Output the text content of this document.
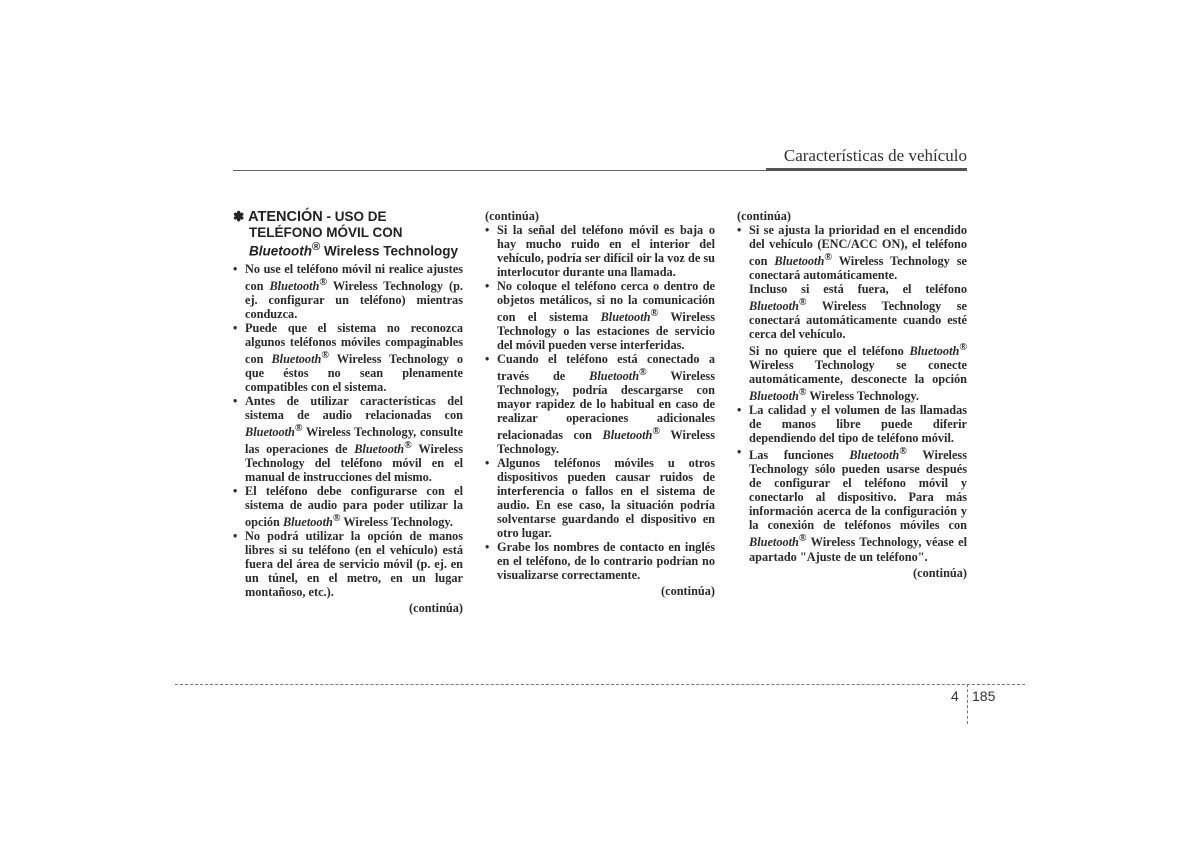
Características de vehículo
✽ ATENCIÓN - USO DE
TELÉFONO MÓVIL CON
Bluetooth® Wireless Technology
• No use el teléfono móvil ni realice ajustes con Bluetooth® Wireless Technology (p. ej. configurar un teléfono) mientras conduzca.
• Puede que el sistema no reconozca algunos teléfonos móviles compaginables con Bluetooth® Wireless Technology o que éstos no sean plenamente compatibles con el sistema.
• Antes de utilizar características del sistema de audio relacionadas con Bluetooth® Wireless Technology, consulte las operaciones de Bluetooth® Wireless Technology del teléfono móvil en el manual de instrucciones del mismo.
• El teléfono debe configurarse con el sistema de audio para poder utilizar la opción Bluetooth® Wireless Technology.
• No podrá utilizar la opción de manos libres si su teléfono (en el vehículo) está fuera del área de servicio móvil (p. ej. en un túnel, en el metro, en un lugar montañoso, etc.).
(continúa)
(continúa)
• Si la señal del teléfono móvil es baja o hay mucho ruido en el interior del vehículo, podría ser difícil oir la voz de su interlocutor durante una llamada.
• No coloque el teléfono cerca o dentro de objetos metálicos, si no la comunicación con el sistema Bluetooth® Wireless Technology o las estaciones de servicio del móvil pueden verse interferidas.
• Cuando el teléfono está conectado a través de Bluetooth® Wireless Technology, podría descargarse con mayor rapidez de lo habitual en caso de realizar operaciones adicionales relacionadas con Bluetooth® Wireless Technology.
• Algunos teléfonos móviles u otros dispositivos pueden causar ruidos de interferencia o fallos en el sistema de audio. En ese caso, la situación podría solventarse guardando el dispositivo en otro lugar.
• Grabe los nombres de contacto en inglés en el teléfono, de lo contrario podrían no visualizarse correctamente.
(continúa)
(continúa)
• Si se ajusta la prioridad en el encendido del vehículo (ENC/ACC ON), el teléfono con Bluetooth® Wireless Technology se conectará automáticamente.

Incluso si está fuera, el teléfono Bluetooth® Wireless Technology se conectará automáticamente cuando esté cerca del vehículo.

Si no quiere que el teléfono Bluetooth® Wireless Technology se conecte automáticamente, desconecte la opción Bluetooth® Wireless Technology.

• La calidad y el volumen de las llamadas de manos libre puede diferir dependiendo del tipo de teléfono móvil.
• Las funciones Bluetooth® Wireless Technology sólo pueden usarse después de configurar el teléfono móvil y conectarlo al dispositivo. Para más información acerca de la configuración y la conexión de teléfonos móviles con Bluetooth® Wireless Technology, véase el apartado "Ajuste de un teléfono".
(continúa)
4 185
